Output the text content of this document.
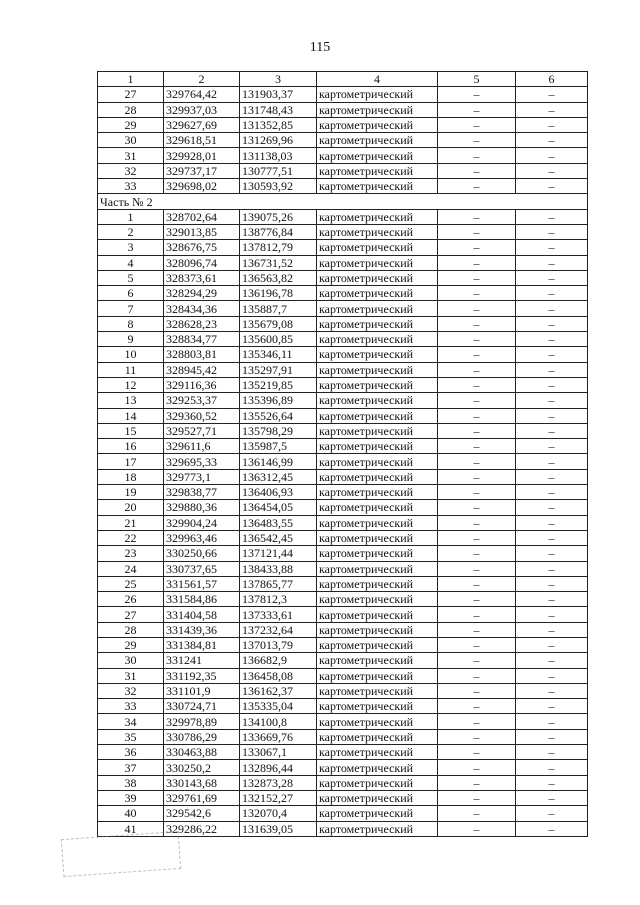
115
1	2	3	4	5	6
27	329764,42	131903,37	картометрический	–	–
28	329937,03	131748,43	картометрический	–	–
29	329627,69	131352,85	картометрический	–	–
30	329618,51	131269,96	картометрический	–	–
31	329928,01	131138,03	картометрический	–	–
32	329737,17	130777,51	картометрический	–	–
33	329698,02	130593,92	картометрический	–	–
Часть № 2					
1	328702,64	139075,26	картометрический	–	–
2	329013,85	138776,84	картометрический	–	–
3	328676,75	137812,79	картометрический	–	–
4	328096,74	136731,52	картометрический	–	–
5	328373,61	136563,82	картометрический	–	–
6	328294,29	136196,78	картометрический	–	–
7	328434,36	135887,7	картометрический	–	–
8	328628,23	135679,08	картометрический	–	–
9	328834,77	135600,85	картометрический	–	–
10	328803,81	135346,11	картометрический	–	–
11	328945,42	135297,91	картометрический	–	–
12	329116,36	135219,85	картометрический	–	–
13	329253,37	135396,89	картометрический	–	–
14	329360,52	135526,64	картометрический	–	–
15	329527,71	135798,29	картометрический	–	–
16	329611,6	135987,5	картометрический	–	–
17	329695,33	136146,99	картометрический	–	–
18	329773,1	136312,45	картометрический	–	–
19	329838,77	136406,93	картометрический	–	–
20	329880,36	136454,05	картометрический	–	–
21	329904,24	136483,55	картометрический	–	–
22	329963,46	136542,45	картометрический	–	–
23	330250,66	137121,44	картометрический	–	–
24	330737,65	138433,88	картометрический	–	–
25	331561,57	137865,77	картометрический	–	–
26	331584,86	137812,3	картометрический	–	–
27	331404,58	137333,61	картометрический	–	–
28	331439,36	137232,64	картометрический	–	–
29	331384,81	137013,79	картометрический	–	–
30	331241	136682,9	картометрический	–	–
31	331192,35	136458,08	картометрический	–	–
32	331101,9	136162,37	картометрический	–	–
33	330724,71	135335,04	картометрический	–	–
34	329978,89	134100,8	картометрический	–	–
35	330786,29	133669,76	картометрический	–	–
36	330463,88	133067,1	картометрический	–	–
37	330250,2	132896,44	картометрический	–	–
38	330143,68	132873,28	картометрический	–	–
39	329761,69	132152,27	картометрический	–	–
40	329542,6	132070,4	картометрический	–	–
41	329286,22	131639,05	картометрический	–	–
